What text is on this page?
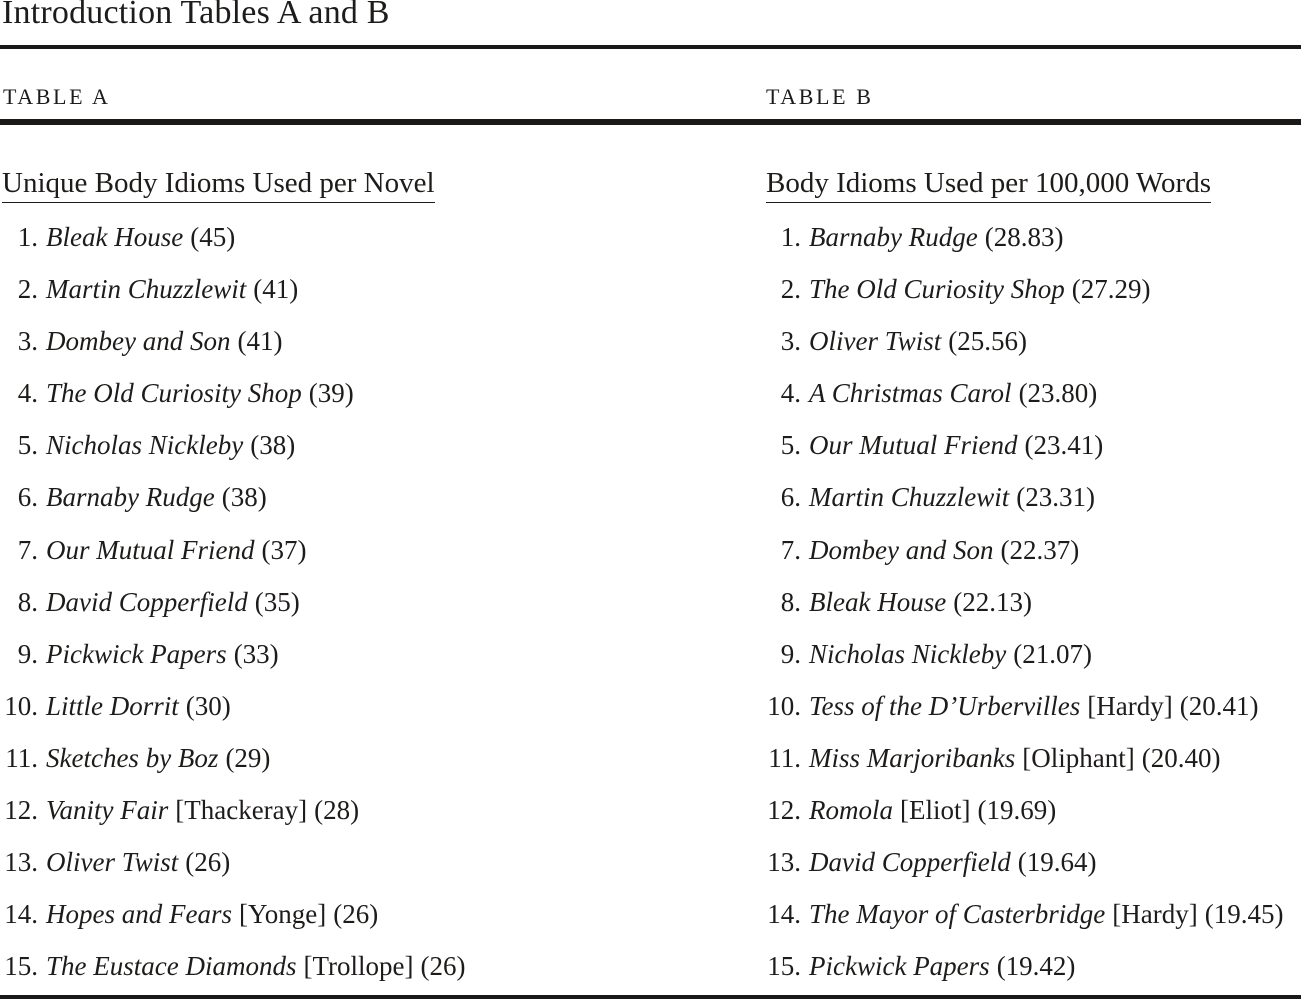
Introduction Tables A and B
TABLE A	TABLE B
Unique Body Idioms Used per Novel	Body Idioms Used per 100,000 Words
1. Bleak House (45)
2. Martin Chuzzlewit (41)
3. Dombey and Son (41)
4. The Old Curiosity Shop (39)
5. Nicholas Nickleby (38)
6. Barnaby Rudge (38)
7. Our Mutual Friend (37)
8. David Copperfield (35)
9. Pickwick Papers (33)
10. Little Dorrit (30)
11. Sketches by Boz (29)
12. Vanity Fair [Thackeray] (28)
13. Oliver Twist (26)
14. Hopes and Fears [Yonge] (26)
15. The Eustace Diamonds [Trollope] (26)
1. Barnaby Rudge (28.83)
2. The Old Curiosity Shop (27.29)
3. Oliver Twist (25.56)
4. A Christmas Carol (23.80)
5. Our Mutual Friend (23.41)
6. Martin Chuzzlewit (23.31)
7. Dombey and Son (22.37)
8. Bleak House (22.13)
9. Nicholas Nickleby (21.07)
10. Tess of the D’Urbervilles [Hardy] (20.41)
11. Miss Marjoribanks [Oliphant] (20.40)
12. Romola [Eliot] (19.69)
13. David Copperfield (19.64)
14. The Mayor of Casterbridge [Hardy] (19.45)
15. Pickwick Papers (19.42)
